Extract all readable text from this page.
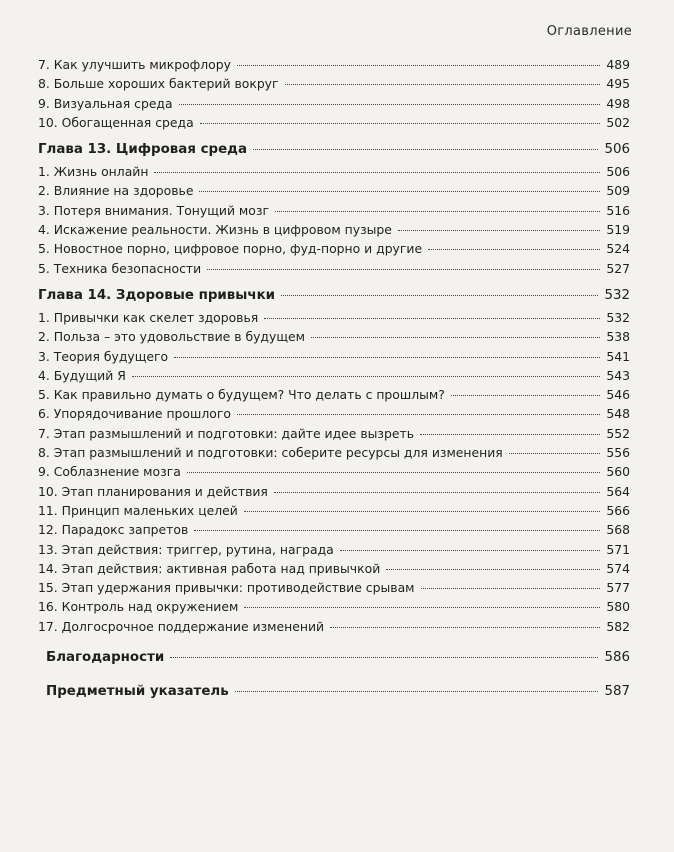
Оглавление
7. Как улучшить микрофлору	489
8. Больше хороших бактерий вокруг	495
9. Визуальная среда	498
10. Обогащенная среда	502
Глава 13. Цифровая среда	506
1. Жизнь онлайн	506
2. Влияние на здоровье	509
3. Потеря внимания. Тонущий мозг	516
4. Искажение реальности. Жизнь в цифровом пузыре	519
5. Новостное порно, цифровое порно, фуд-порно и другие	524
5. Техника безопасности	527
Глава 14. Здоровые привычки	532
1. Привычки как скелет здоровья	532
2. Польза – это удовольствие в будущем	538
3. Теория будущего	541
4. Будущий Я	543
5. Как правильно думать о будущем? Что делать с прошлым?	546
6. Упорядочивание прошлого	548
7. Этап размышлений и подготовки: дайте идее вызреть	552
8. Этап размышлений и подготовки: соберите ресурсы для изменения	556
9. Соблазнение мозга	560
10. Этап планирования и действия	564
11. Принцип маленьких целей	566
12. Парадокс запретов	568
13. Этап действия: триггер, рутина, награда	571
14. Этап действия: активная работа над привычкой	574
15. Этап удержания привычки: противодействие срывам	577
16. Контроль над окружением	580
17. Долгосрочное поддержание изменений	582
Благодарности	586
Предметный указатель	587
